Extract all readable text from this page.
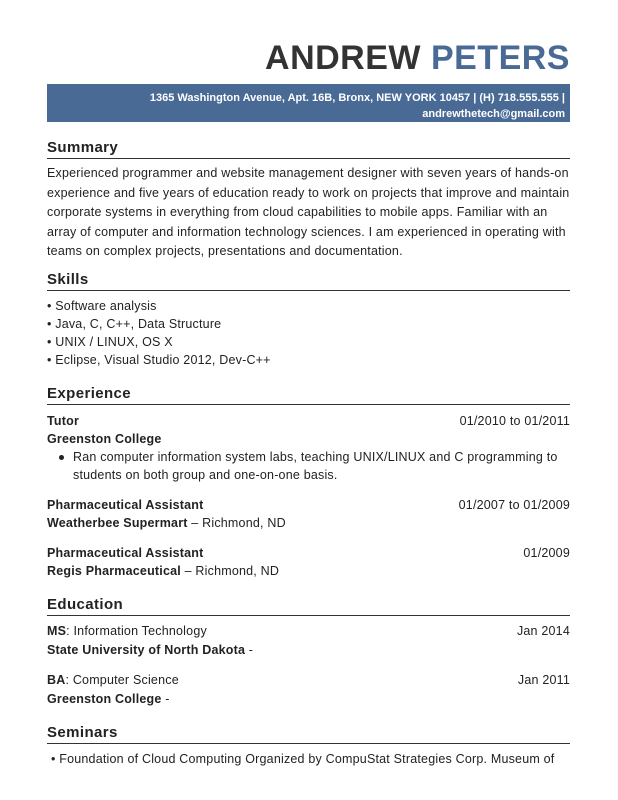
ANDREW PETERS
1365 Washington Avenue, Apt. 16B, Bronx, NEW YORK 10457 | (H) 718.555.555 |
andrewthetech@gmail.com
Summary
Experienced programmer and website management designer with seven years of hands-on experience and five years of education ready to work on projects that improve and maintain corporate systems in everything from cloud capabilities to mobile apps. Familiar with an array of computer and information technology sciences. I am experienced in operating with teams on complex projects, presentations and documentation.
Skills
• Software analysis
• Java, C, C++, Data Structure
• UNIX / LINUX, OS X
• Eclipse, Visual Studio 2012, Dev-C++
Experience
Tutor	01/2010 to 01/2011
Greenston College
Ran computer information system labs, teaching UNIX/LINUX and C programming to students on both group and one-on-one basis.
Pharmaceutical Assistant	01/2007 to 01/2009
Weatherbee Supermart – Richmond, ND
Pharmaceutical Assistant	01/2009
Regis Pharmaceutical – Richmond, ND
Education
MS: Information Technology	Jan 2014
State University of North Dakota -
BA: Computer Science	Jan 2011
Greenston College -
Seminars
• Foundation of Cloud Computing Organized by CompuStat Strategies Corp. Museum of
